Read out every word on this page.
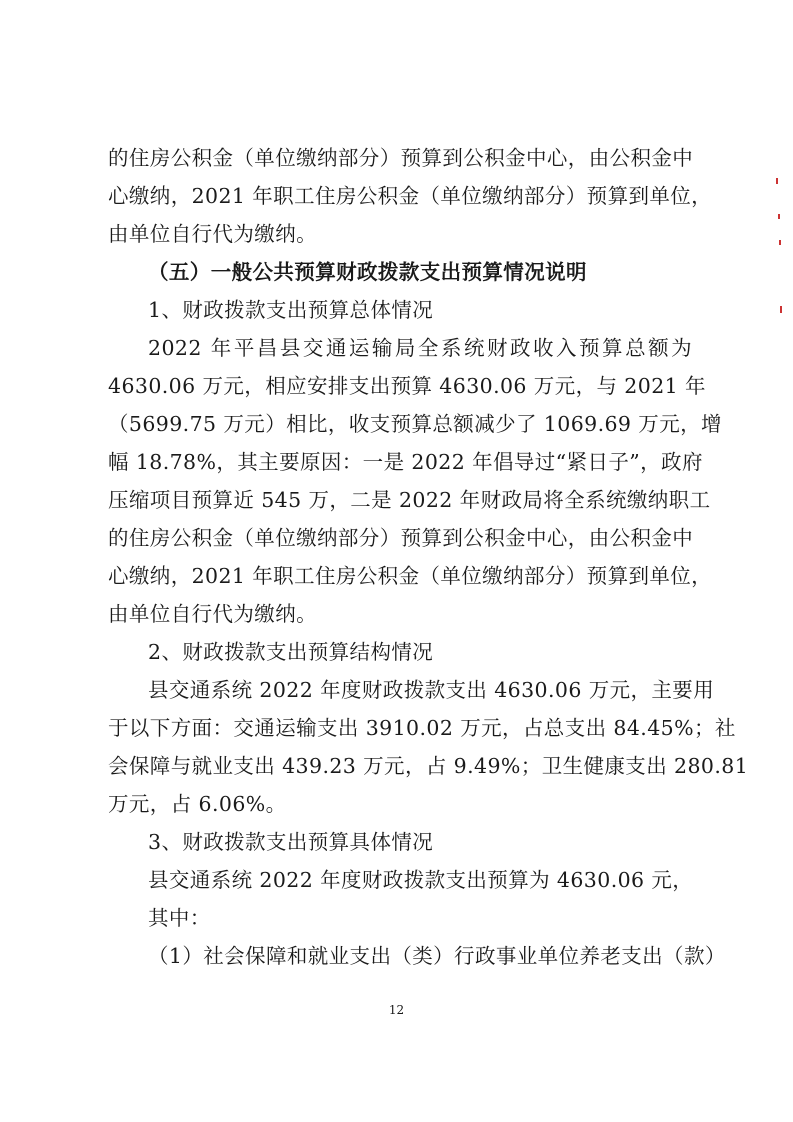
的住房公积金（单位缴纳部分）预算到公积金中心，由公积金中
心缴纳，2021 年职工住房公积金（单位缴纳部分）预算到单位，
由单位自行代为缴纳。
（五）一般公共预算财政拨款支出预算情况说明
1、财政拨款支出预算总体情况
2022 年平昌县交通运输局全系统财政收入预算总额为
4630.06 万元，相应安排支出预算 4630.06 万元，与 2021 年
（5699.75 万元）相比，收支预算总额减少了 1069.69 万元，增
幅 18.78%，其主要原因：一是 2022 年倡导过“紧日子”，政府
压缩项目预算近 545 万，二是 2022 年财政局将全系统缴纳职工
的住房公积金（单位缴纳部分）预算到公积金中心，由公积金中
心缴纳，2021 年职工住房公积金（单位缴纳部分）预算到单位，
由单位自行代为缴纳。
2、财政拨款支出预算结构情况
县交通系统 2022 年度财政拨款支出 4630.06 万元，主要用
于以下方面：交通运输支出 3910.02 万元，占总支出 84.45%；社
会保障与就业支出 439.23 万元，占 9.49%；卫生健康支出 280.81
万元，占 6.06%。
3、财政拨款支出预算具体情况
县交通系统 2022 年度财政拨款支出预算为 4630.06 元，
其中：
（1）社会保障和就业支出（类）行政事业单位养老支出（款）
12
